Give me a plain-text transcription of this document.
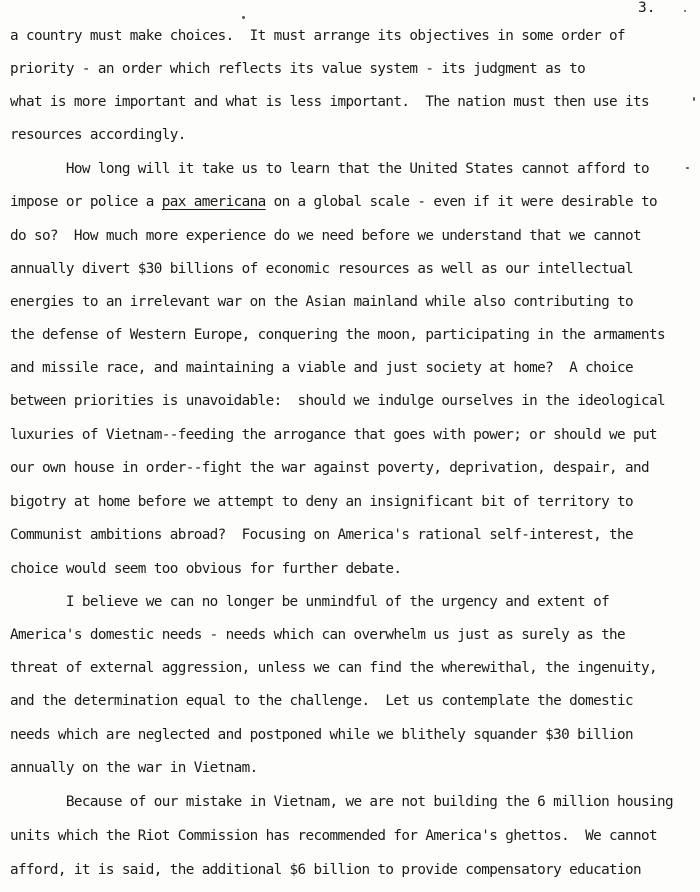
3.
a country must make choices.  It must arrange its objectives in some order of
priority - an order which reflects its value system - its judgment as to
what is more important and what is less important.  The nation must then use its
resources accordingly.
How long will it take us to learn that the United States cannot afford to
impose or police a pax americana on a global scale - even if it were desirable to
do so?  How much more experience do we need before we understand that we cannot
annually divert $30 billions of economic resources as well as our intellectual
energies to an irrelevant war on the Asian mainland while also contributing to
the defense of Western Europe, conquering the moon, participating in the armaments
and missile race, and maintaining a viable and just society at home?  A choice
between priorities is unavoidable:  should we indulge ourselves in the ideological
luxuries of Vietnam--feeding the arrogance that goes with power; or should we put
our own house in order--fight the war against poverty, deprivation, despair, and
bigotry at home before we attempt to deny an insignificant bit of territory to
Communist ambitions abroad?  Focusing on America's rational self-interest, the
choice would seem too obvious for further debate.
I believe we can no longer be unmindful of the urgency and extent of
America's domestic needs - needs which can overwhelm us just as surely as the
threat of external aggression, unless we can find the wherewithal, the ingenuity,
and the determination equal to the challenge.  Let us contemplate the domestic
needs which are neglected and postponed while we blithely squander $30 billion
annually on the war in Vietnam.
Because of our mistake in Vietnam, we are not building the 6 million housing
units which the Riot Commission has recommended for America's ghettos.  We cannot
afford, it is said, the additional $6 billion to provide compensatory education
